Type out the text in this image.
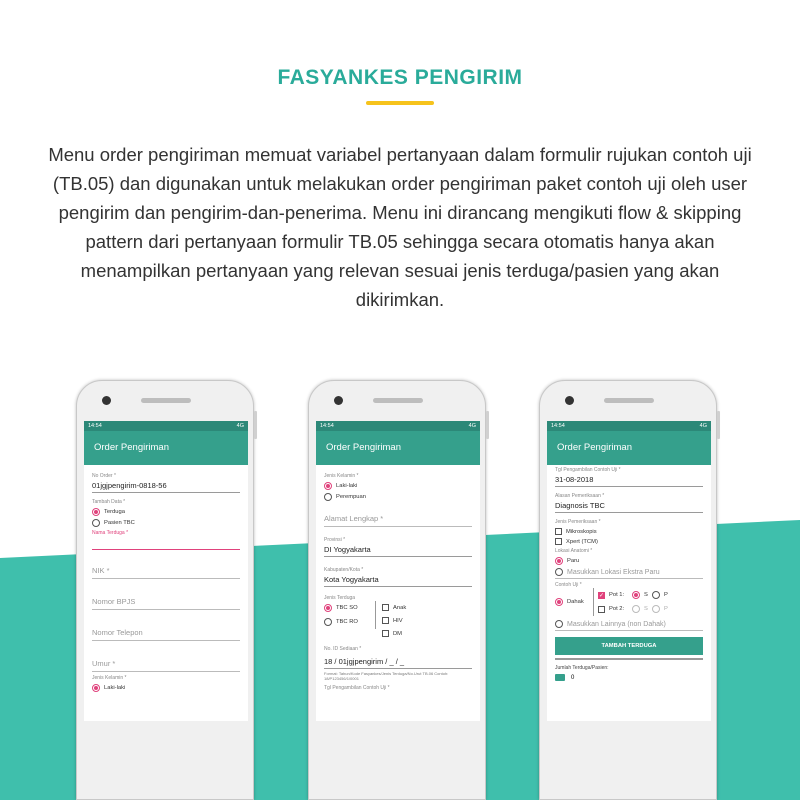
FASYANKES PENGIRIM
Menu order pengiriman memuat variabel pertanyaan dalam formulir rujukan contoh uji (TB.05) dan digunakan untuk melakukan order pengiriman paket contoh uji oleh user pengirim dan pengirim-dan-penerima. Menu ini dirancang mengikuti flow & skipping pattern dari pertanyaan formulir TB.05 sehingga secara otomatis hanya akan menampilkan pertanyaan yang relevan sesuai jenis terduga/pasien yang akan dikirimkan.
14:54	4G
Order Pengiriman
No Order *
01jgjpengirim-0818-56
Tambah Data *
Terduga
Pasien TBC
Nama Terduga *
NIK *
Nomor BPJS
Nomor Telepon
Umur *
Jenis Kelamin *
Laki-laki
14:54	4G
Order Pengiriman
Jenis Kelamin *
Laki-laki
Perempuan
Alamat Lengkap *
Provinsi *
DI Yogyakarta
Kabupaten/Kota *
Kota Yogyakarta
Jenis Terduga
TBC SO
TBC RO
Anak
HIV
DM
No. ID Sediaan *
18 / 01jgjpengirim / _ / _
Format: Tahun/Kode Fasyankes/Jenis Terduga/No.Urut TB.06 Contoh: 18/P123456/1/0001
Tgl Pengambilan Contoh Uji *
14:54	4G
Order Pengiriman
Tgl Pengambilan Contoh Uji *
31-08-2018
Alasan Pemeriksaan *
Diagnosis TBC
Jenis Pemeriksaan *
Mikroskopis
Xpert (TCM)
Lokasi Anatomi *
Paru
Masukkan Lokasi Ekstra Paru
Contoh Uji *
Dahak
✓ Pot 1:	S	P
Pot 2:	S	P
Masukkan Lainnya (non Dahak)
TAMBAH TERDUGA
Jumlah Terduga/Pasien:
0
